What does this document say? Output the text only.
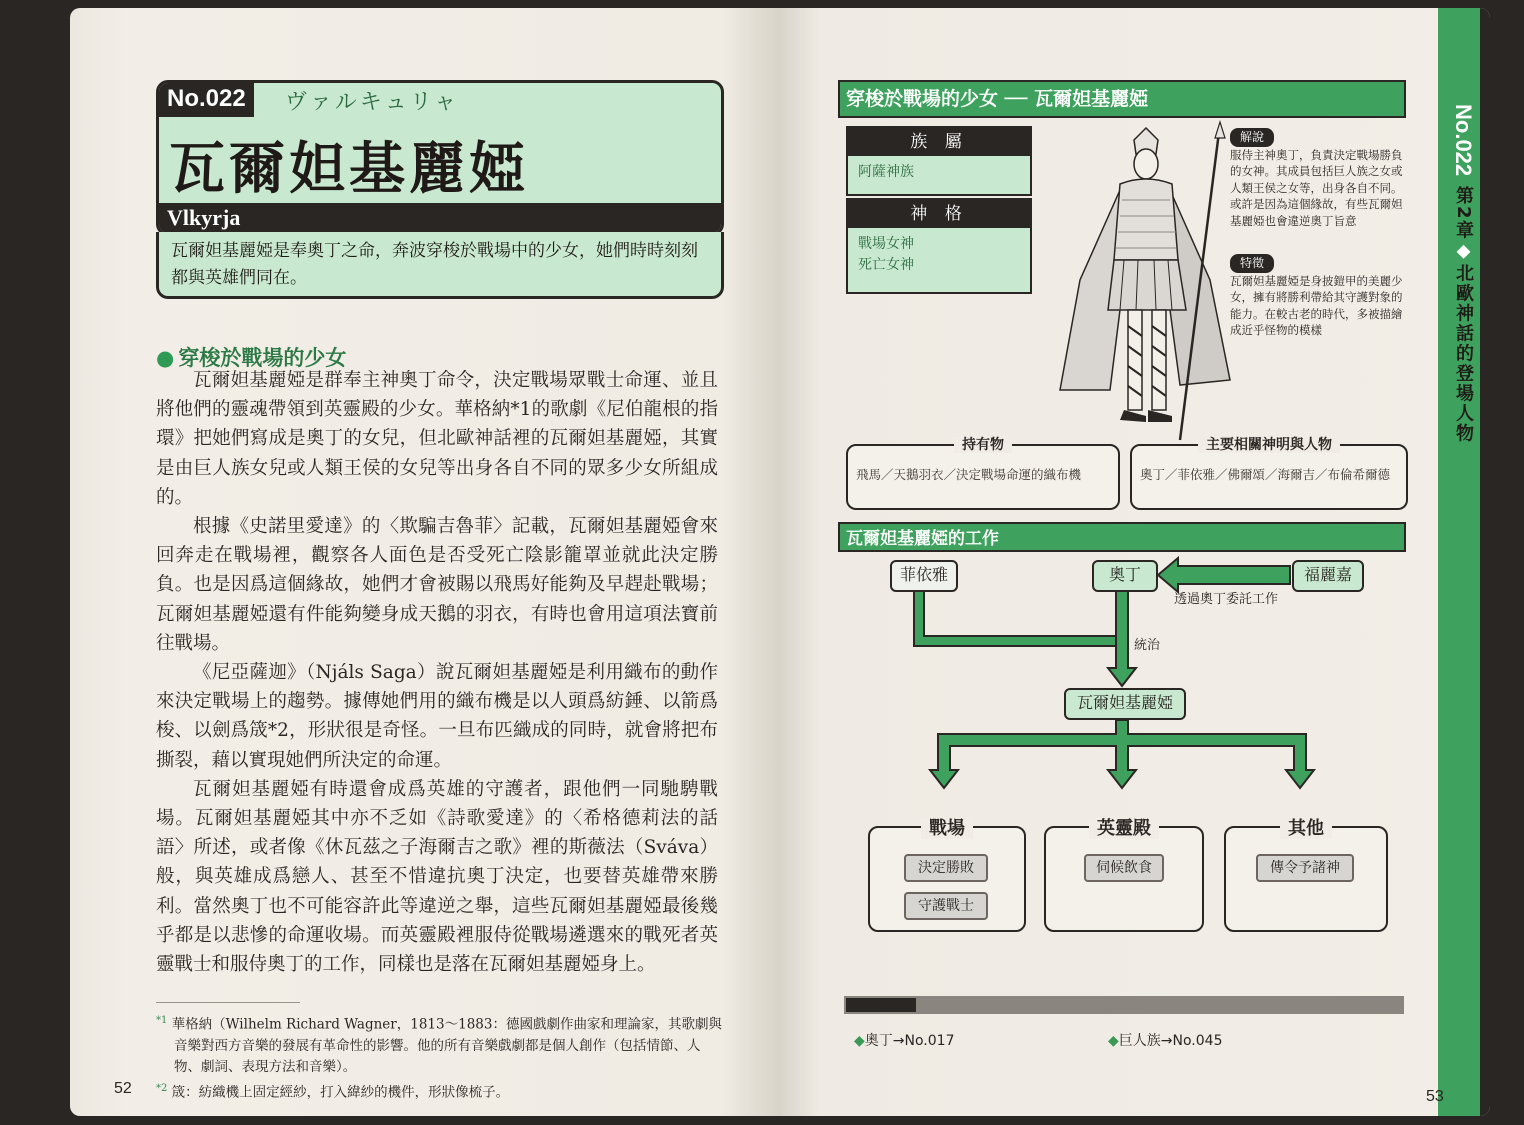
No.022	ヴァルキュリャ
瓦爾妲基麗婭
Vlkyrja
瓦爾妲基麗婭是奉奧丁之命，奔波穿梭於戰場中的少女，她們時時刻刻都與英雄們同在。
● 穿梭於戰場的少女

瓦爾妲基麗婭是群奉主神奧丁命令，決定戰場眾戰士命運、並且將他們的靈魂帶領到英靈殿的少女。華格納*1的歌劇《尼伯龍根的指環》把她們寫成是奧丁的女兒，但北歐神話裡的瓦爾妲基麗婭，其實是由巨人族女兒或人類王侯的女兒等出身各自不同的眾多少女所組成的。

根據《史諾里愛達》的〈欺騙吉魯菲〉記載，瓦爾妲基麗婭會來回奔走在戰場裡，觀察各人面色是否受死亡陰影籠罩並就此決定勝負。也是因爲這個緣故，她們才會被賜以飛馬好能夠及早趕赴戰場；瓦爾妲基麗婭還有件能夠變身成天鵝的羽衣，有時也會用這項法寶前往戰場。

《尼亞薩迦》（Njáls Saga）說瓦爾妲基麗婭是利用織布的動作來決定戰場上的趨勢。據傳她們用的織布機是以人頭爲紡錘、以箭爲梭、以劍爲筬*2，形狀很是奇怪。一旦布匹織成的同時，就會將把布撕裂，藉以實現她們所決定的命運。

瓦爾妲基麗婭有時還會成爲英雄的守護者，跟他們一同馳騁戰場。瓦爾妲基麗婭其中亦不乏如《詩歌愛達》的〈希格德莉法的話語〉所述，或者像《休瓦茲之子海爾吉之歌》裡的斯薇法（Sváva）般，與英雄成爲戀人、甚至不惜違抗奧丁決定，也要替英雄帶來勝利。當然奧丁也不可能容許此等違逆之舉，這些瓦爾妲基麗婭最後幾乎都是以悲慘的命運收場。而英靈殿裡服侍從戰場遴選來的戰死者英靈戰士和服侍奧丁的工作，同樣也是落在瓦爾妲基麗婭身上。

$^{*1}$ 華格納（Wilhelm Richard Wagner，1813～1883：德國戲劇作曲家和理論家，其歌劇與音樂對西方音樂的發展有革命性的影響。他的所有音樂戲劇都是個人創作（包括情節、人物、劇詞、表現方法和音樂）。

$^{*2}$ 筬：紡織機上固定經紗，打入緯紗的機件，形狀像梳子。

52
No.022
第2章◆北歐神話的登場人物
穿梭於戰場的少女 ── 瓦爾妲基麗婭
族 屬
阿薩神族
神 格
戰場女神
死亡女神
解說
服侍主神奧丁，負責決定戰場勝負的女神。其成員包括巨人族之女或人類王侯之女等，出身各自不同。或許是因為這個緣故，有些瓦爾妲基麗婭也會違逆奧丁旨意
特徵
瓦爾妲基麗婭是身披鎧甲的美麗少女，擁有將勝利帶給其守護對象的能力。在較古老的時代，多被描繪成近乎怪物的模樣
持有物
飛馬／天鵝羽衣／決定戰場命運的織布機
主要相關神明與人物
奧丁／菲依雅／佛爾頌／海爾吉／布倫希爾德
瓦爾妲基麗婭的工作
菲依雅	奧丁	福麗嘉
透過奧丁委託工作
統治
瓦爾妲基麗婭
戰場
決定勝敗
守護戰士
英靈殿
伺候飲食
其他
傳令予諸神
◆奧丁→No.017	◆巨人族→No.045
53
